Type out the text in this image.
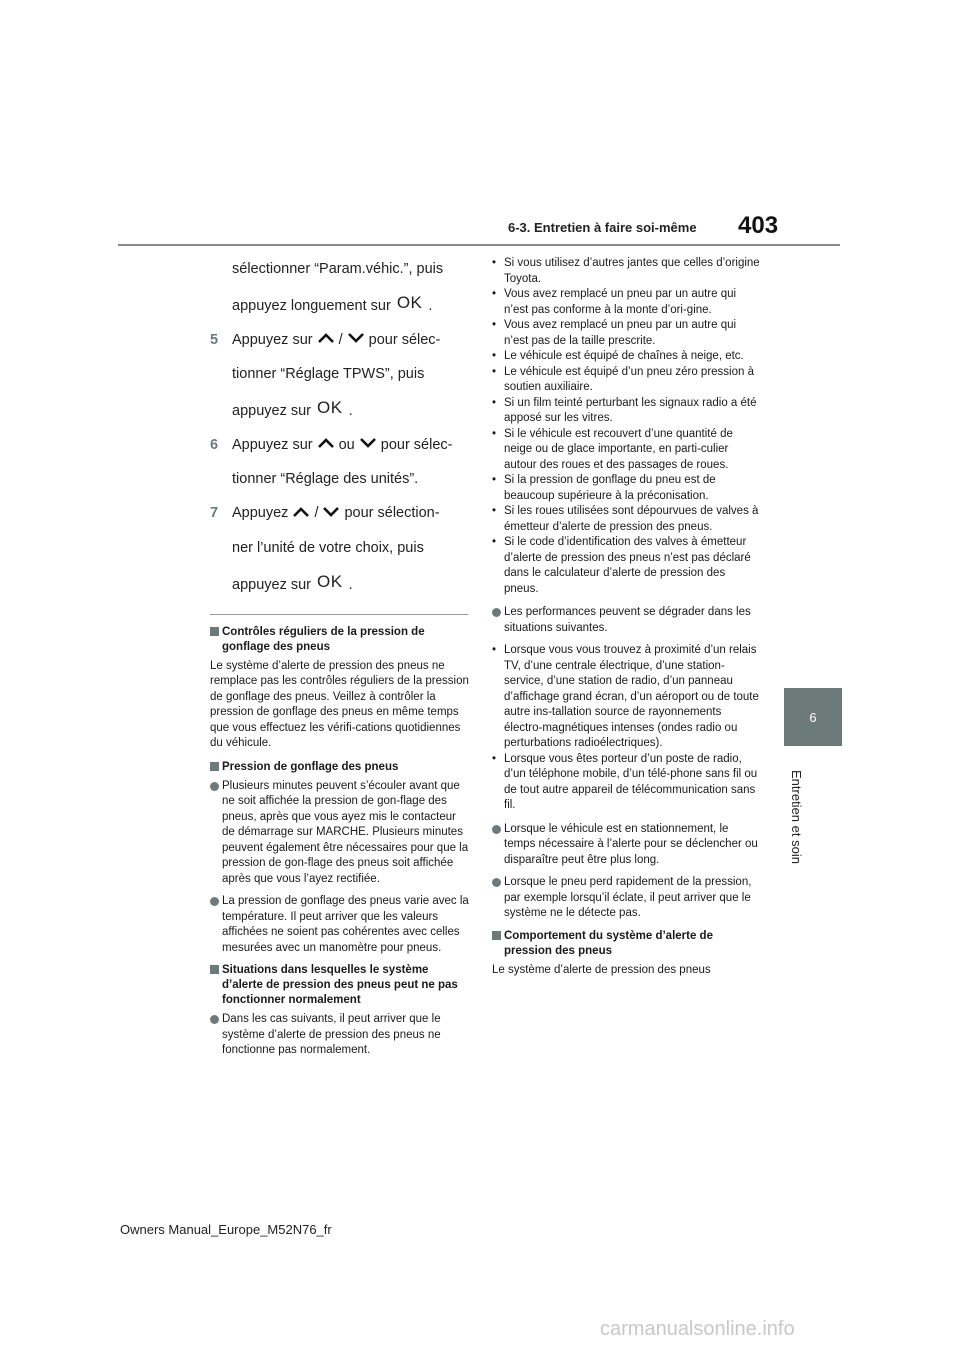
6-3. Entretien à faire soi-même 403
6
Entretien et soin

sélectionner “Param.véhic.”, puis

appuyez longuement sur OK .

5 Appuyez sur / pour sélec-

tionner “Réglage TPWS”, puis

appuyez sur OK .

6 Appuyez sur ou pour sélec-

tionner “Réglage des unités”.

7 Appuyez / pour sélection-

ner l’unité de votre choix, puis

appuyez sur OK .

Contrôles réguliers de la pression de gonflage des pneus

Le système d’alerte de pression des pneus ne remplace pas les contrôles réguliers de la pression de gonflage des pneus. Veillez à contrôler la pression de gonflage des pneus en même temps que vous effectuez les vérifi-cations quotidiennes du véhicule.

Pression de gonflage des pneus

Plusieurs minutes peuvent s’écouler avant que ne soit affichée la pression de gon-flage des pneus, après que vous ayez mis le contacteur de démarrage sur MARCHE. Plusieurs minutes peuvent également être nécessaires pour que la pression de gon-flage des pneus soit affichée après que vous l’ayez rectifiée.

La pression de gonflage des pneus varie avec la température. Il peut arriver que les valeurs affichées ne soient pas cohérentes avec celles mesurées avec un manomètre pour pneus.

Situations dans lesquelles le système d’alerte de pression des pneus peut ne pas fonctionner normalement

Dans les cas suivants, il peut arriver que le système d’alerte de pression des pneus ne fonctionne pas normalement.

• Si vous utilisez d’autres jantes que celles d’origine Toyota.
• Vous avez remplacé un pneu par un autre qui n’est pas conforme à la monte d’ori-gine.
• Vous avez remplacé un pneu par un autre qui n’est pas de la taille prescrite.
• Le véhicule est équipé de chaînes à neige, etc.
• Le véhicule est équipé d’un pneu zéro pression à soutien auxiliaire.
• Si un film teinté perturbant les signaux radio a été apposé sur les vitres.
• Si le véhicule est recouvert d’une quantité de neige ou de glace importante, en parti-culier autour des roues et des passages de roues.
• Si la pression de gonflage du pneu est de beaucoup supérieure à la préconisation.
• Si les roues utilisées sont dépourvues de valves à émetteur d’alerte de pression des pneus.
• Si le code d’identification des valves à émetteur d’alerte de pression des pneus n’est pas déclaré dans le calculateur d’alerte de pression des pneus.

Les performances peuvent se dégrader dans les situations suivantes.

• Lorsque vous vous trouvez à proximité d’un relais TV, d’une centrale électrique, d’une station-service, d’une station de radio, d’un panneau d’affichage grand écran, d’un aéroport ou de toute autre ins-tallation source de rayonnements électro-magnétiques intenses (ondes radio ou perturbations radioélectriques).
• Lorsque vous êtes porteur d’un poste de radio, d’un téléphone mobile, d’un télé-phone sans fil ou de tout autre appareil de télécommunication sans fil.

Lorsque le véhicule est en stationnement, le temps nécessaire à l’alerte pour se déclencher ou disparaître peut être plus long.

Lorsque le pneu perd rapidement de la pression, par exemple lorsqu’il éclate, il peut arriver que le système ne le détecte pas.

Comportement du système d’alerte de pression des pneus

Le système d’alerte de pression des pneus

Owners Manual_Europe_M52N76_fr
carmanualsonline.info
